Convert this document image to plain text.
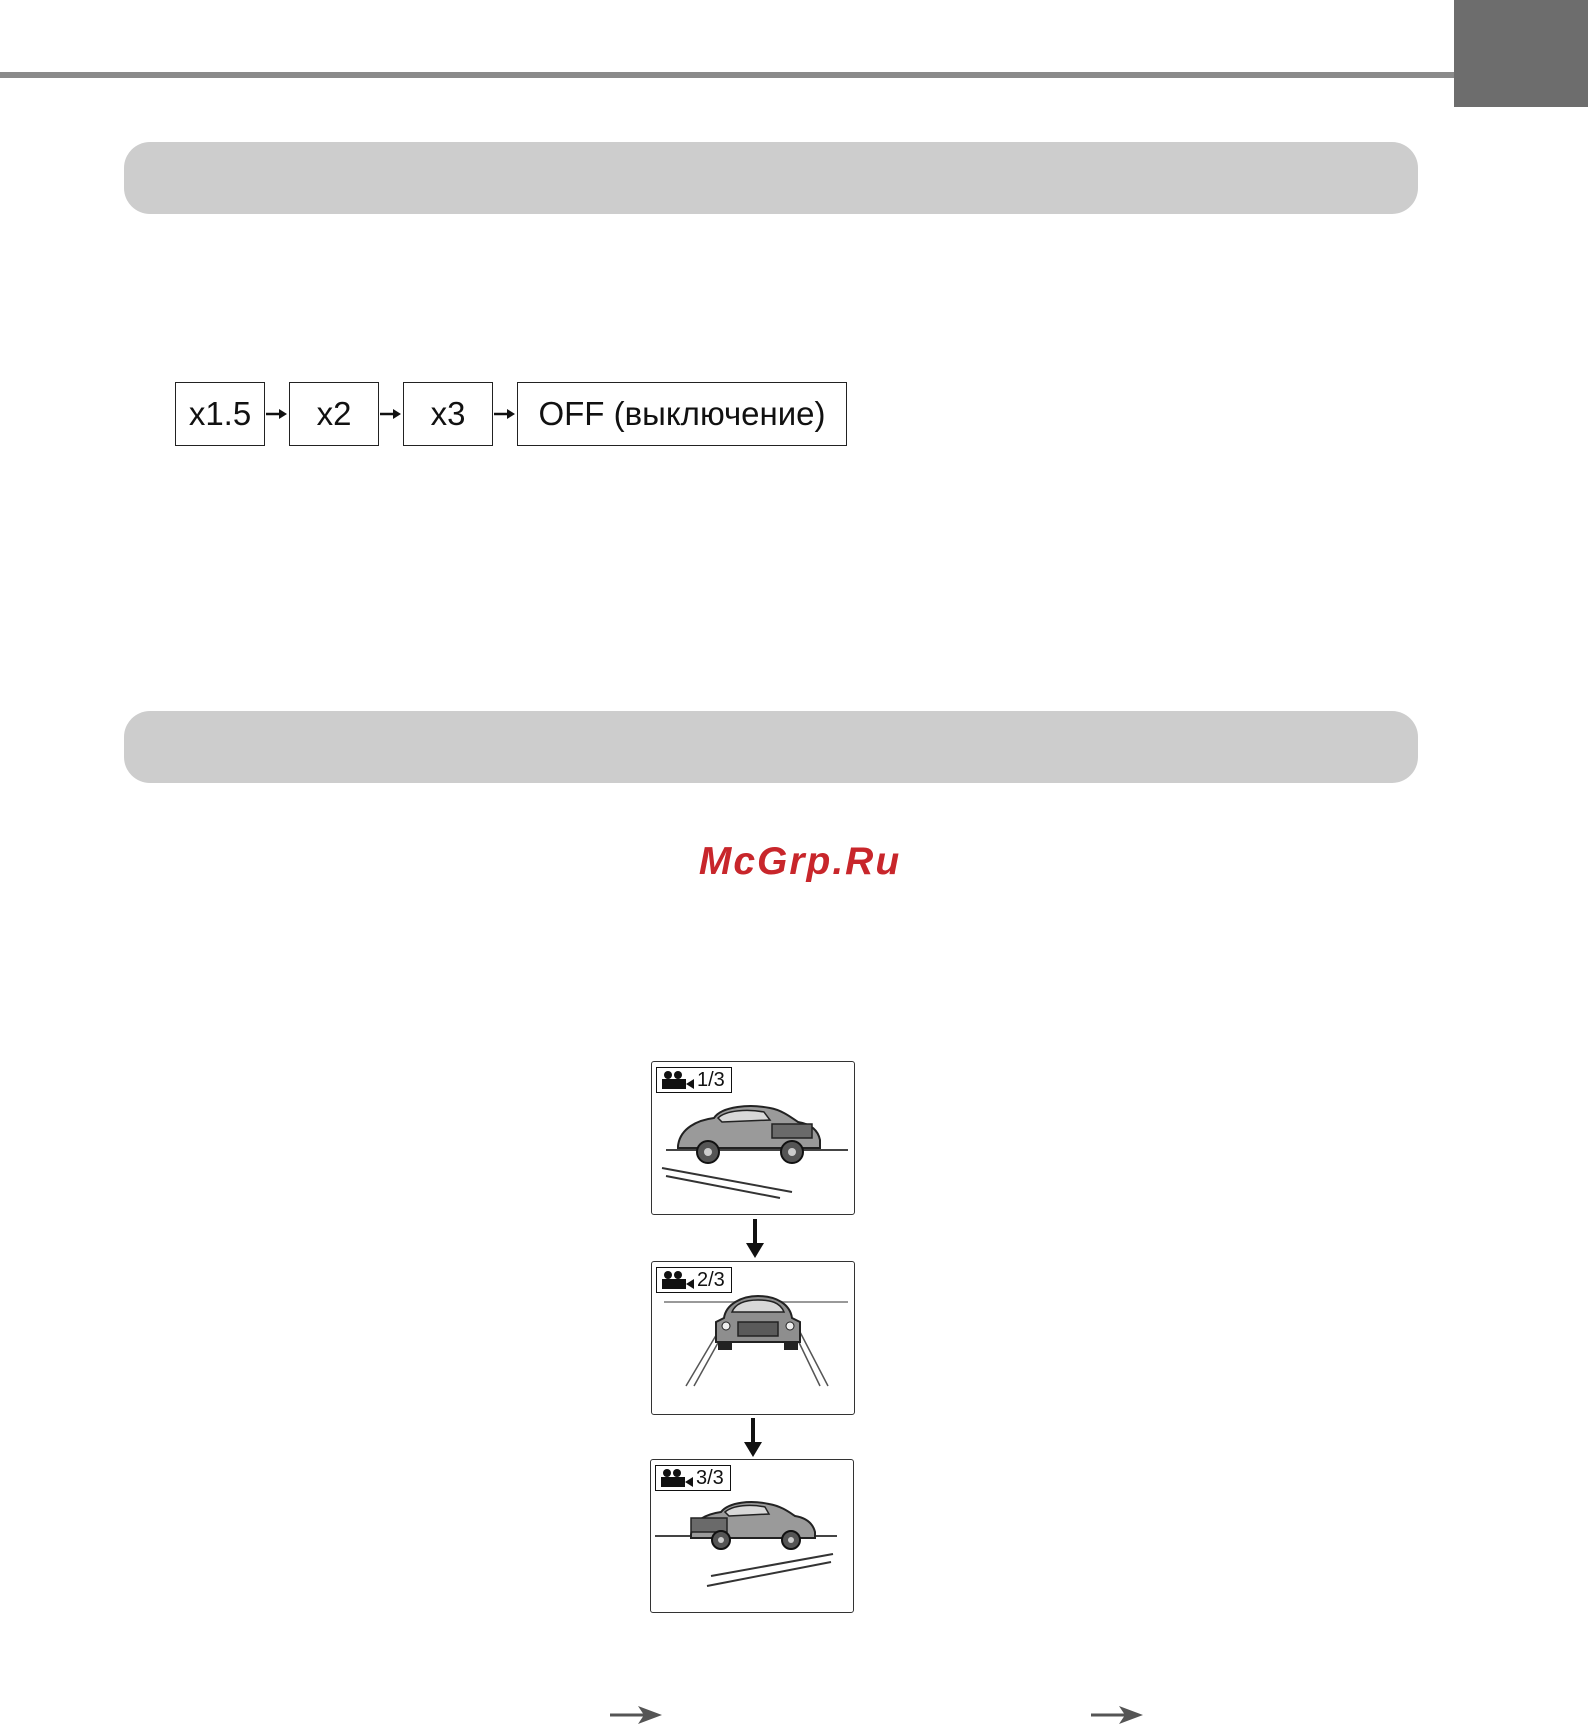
x1.5 x2 x3 OFF (выключение)
McGrp.Ru
1/3
2/3
3/3
